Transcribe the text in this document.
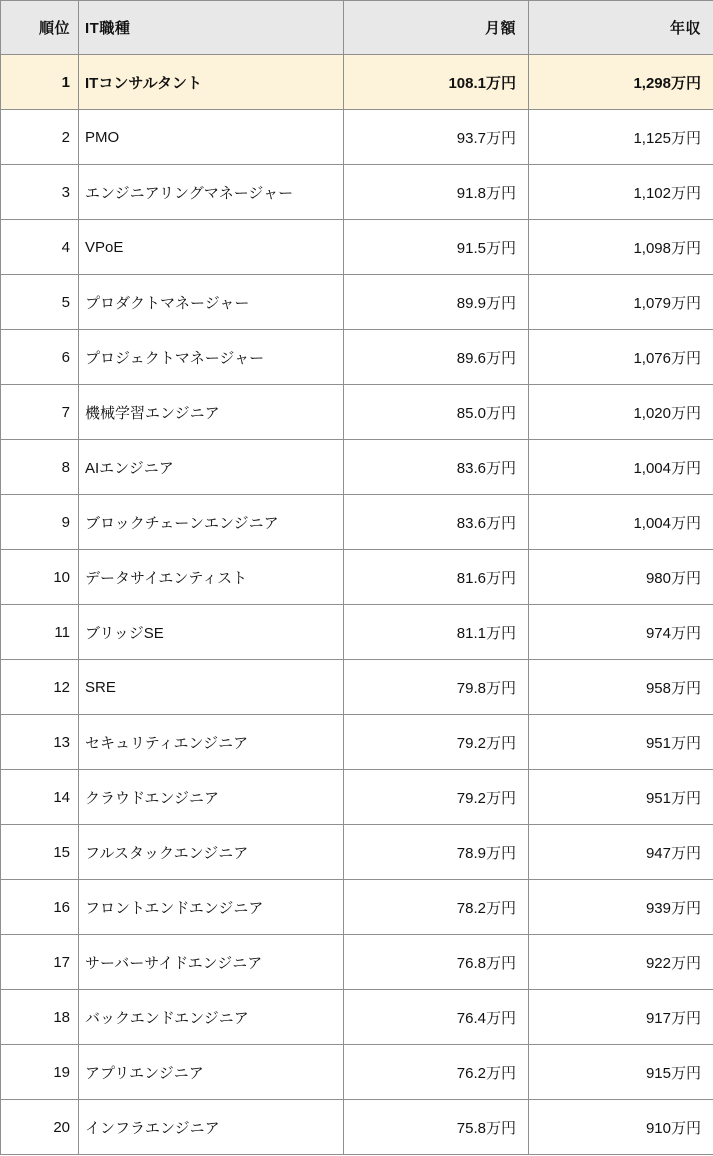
順位	IT職種	月額	年収
1	ITコンサルタント	108.1万円	1,298万円
2	PMO	93.7万円	1,125万円
3	エンジニアリングマネージャー	91.8万円	1,102万円
4	VPoE	91.5万円	1,098万円
5	プロダクトマネージャー	89.9万円	1,079万円
6	プロジェクトマネージャー	89.6万円	1,076万円
7	機械学習エンジニア	85.0万円	1,020万円
8	AIエンジニア	83.6万円	1,004万円
9	ブロックチェーンエンジニア	83.6万円	1,004万円
10	データサイエンティスト	81.6万円	980万円
11	ブリッジSE	81.1万円	974万円
12	SRE	79.8万円	958万円
13	セキュリティエンジニア	79.2万円	951万円
14	クラウドエンジニア	79.2万円	951万円
15	フルスタックエンジニア	78.9万円	947万円
16	フロントエンドエンジニア	78.2万円	939万円
17	サーバーサイドエンジニア	76.8万円	922万円
18	バックエンドエンジニア	76.4万円	917万円
19	アプリエンジニア	76.2万円	915万円
20	インフラエンジニア	75.8万円	910万円
